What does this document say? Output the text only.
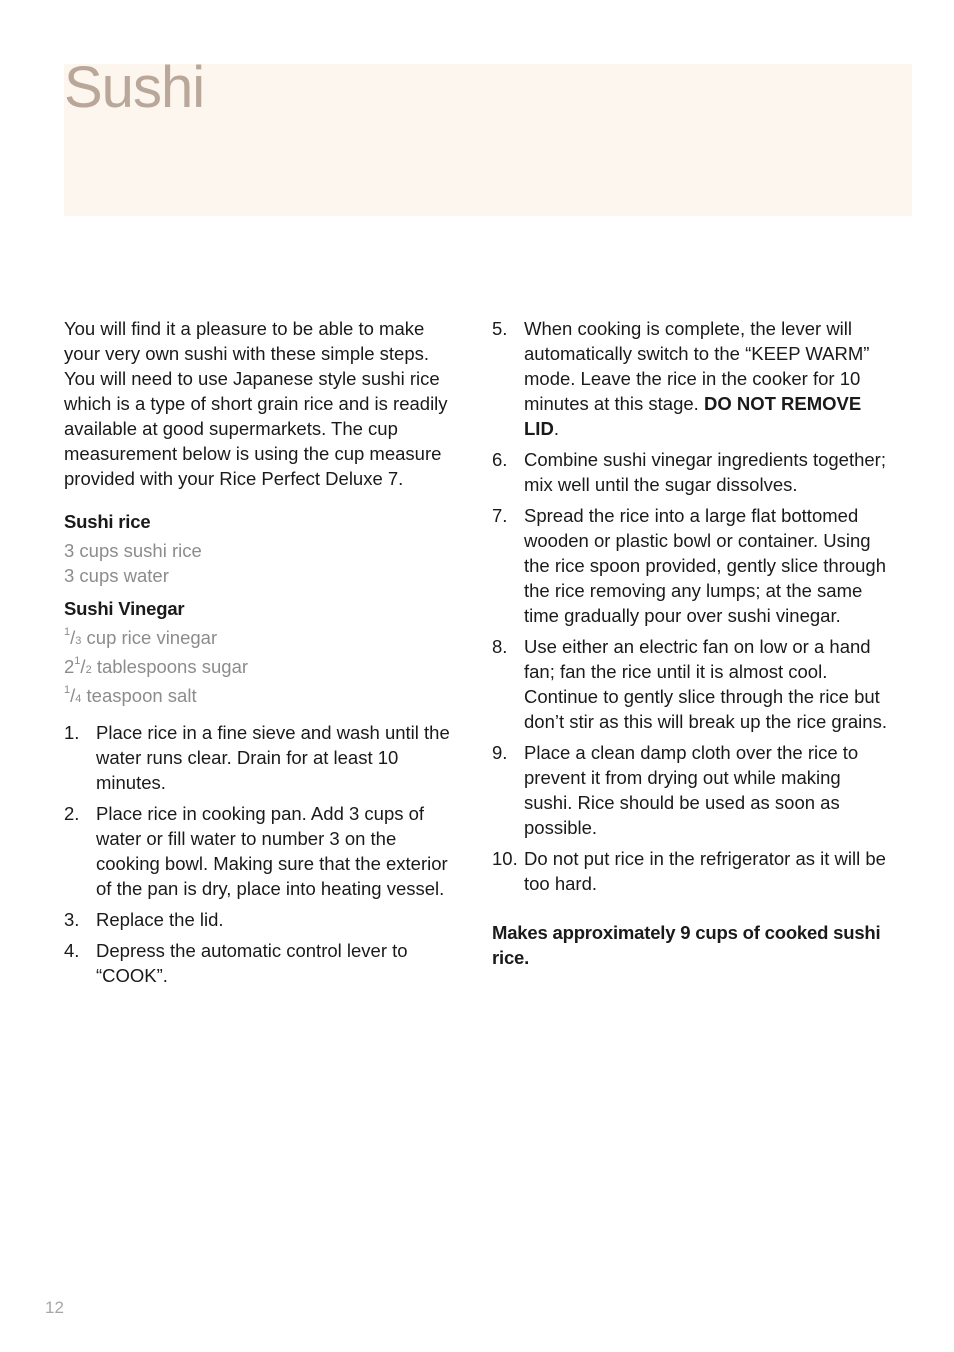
Sushi

You will find it a pleasure to be able to make your very own sushi with these simple steps. You will need to use Japanese style sushi rice which is a type of short grain rice and is readily available at good supermarkets. The cup measurement below is using the cup measure provided with your Rice Perfect Deluxe 7.

Sushi rice
3 cups sushi rice
3 cups water
Sushi Vinegar
$^1$/3 cup rice vinegar
$2^1/2$ tablespoons sugar
$^1$/4 teaspoon salt
1. Place rice in a fine sieve and wash until the water runs clear. Drain for at least 10 minutes.
2. Place rice in cooking pan. Add 3 cups of water or fill water to number 3 on the cooking bowl. Making sure that the exterior of the pan is dry, place into heating vessel.
3. Replace the lid.
4. Depress the automatic control lever to “COOK”.
5. When cooking is complete, the lever will automatically switch to the “KEEP WARM” mode. Leave the rice in the cooker for 10 minutes at this stage. DO NOT REMOVE LID.
6. Combine sushi vinegar ingredients together; mix well until the sugar dissolves.
7. Spread the rice into a large flat bottomed wooden or plastic bowl or container. Using the rice spoon provided, gently slice through the rice removing any lumps; at the same time gradually pour over sushi vinegar.
8. Use either an electric fan on low or a hand fan; fan the rice until it is almost cool. Continue to gently slice through the rice but don’t stir as this will break up the rice grains.
9. Place a clean damp cloth over the rice to prevent it from drying out while making sushi. Rice should be used as soon as possible.
10. Do not put rice in the refrigerator as it will be too hard.

Makes approximately 9 cups of cooked sushi rice.

12
